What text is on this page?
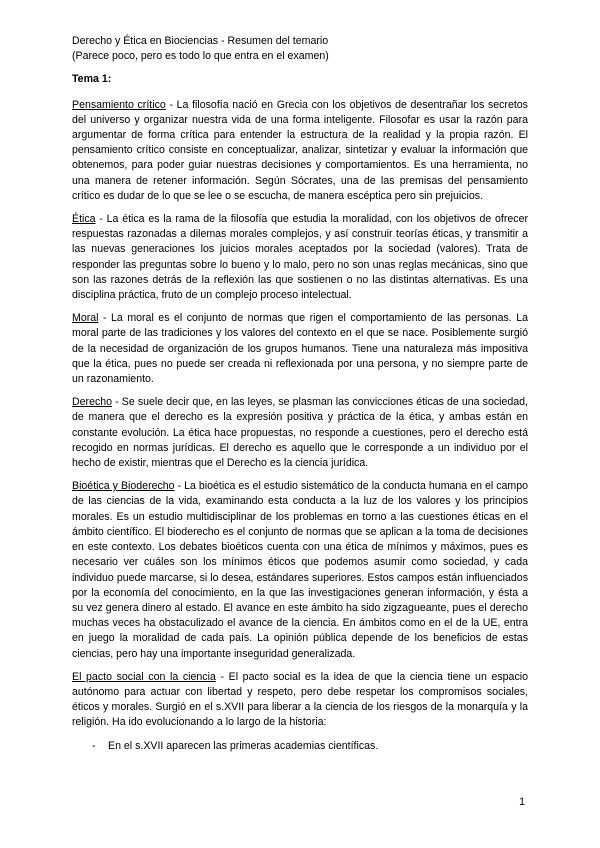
Derecho y Ética en Biociencias - Resumen del temario
(Parece poco, pero es todo lo que entra en el examen)
Tema 1:

Pensamiento crítico - La filosofía nació en Grecia con los objetivos de desentrañar los secretos del universo y organizar nuestra vida de una forma inteligente. Filosofar es usar la razón para argumentar de forma crítica para entender la estructura de la realidad y la propia razón. El pensamiento crítico consiste en conceptualizar, analizar, sintetizar y evaluar la información que obtenemos, para poder guiar nuestras decisiones y comportamientos. Es una herramienta, no una manera de retener información. Según Sócrates, una de las premisas del pensamiento crítico es dudar de lo que se lee o se escucha, de manera escéptica pero sin prejuicios.

Ética - La ética es la rama de la filosofía que estudia la moralidad, con los objetivos de ofrecer respuestas razonadas a dilemas morales complejos, y así construir teorías éticas, y transmitir a las nuevas generaciones los juicios morales aceptados por la sociedad (valores). Trata de responder las preguntas sobre lo bueno y lo malo, pero no son unas reglas mecánicas, sino que son las razones detrás de la reflexión las que sostienen o no las distintas alternativas. Es una disciplina práctica, fruto de un complejo proceso intelectual.

Moral - La moral es el conjunto de normas que rigen el comportamiento de las personas. La moral parte de las tradiciones y los valores del contexto en el que se nace. Posiblemente surgió de la necesidad de organización de los grupos humanos. Tiene una naturaleza más impositiva que la ética, pues no puede ser creada ni reflexionada por una persona, y no siempre parte de un razonamiento.

Derecho - Se suele decir que, en las leyes, se plasman las convicciones éticas de una sociedad, de manera que el derecho es la expresión positiva y práctica de la ética, y ambas están en constante evolución. La ética hace propuestas, no responde a cuestiones, pero el derecho está recogido en normas jurídicas. El derecho es aquello que le corresponde a un individuo por el hecho de existir, mientras que el Derecho es la ciencia jurídica.

Bioética y Bioderecho - La bioética es el estudio sistemático de la conducta humana en el campo de las ciencias de la vida, examinando esta conducta a la luz de los valores y los principios morales. Es un estudio multidisciplinar de los problemas en torno a las cuestiones éticas en el ámbito científico. El bioderecho es el conjunto de normas que se aplican a la toma de decisiones en este contexto. Los debates bioéticos cuenta con una ética de mínimos y máximos, pues es necesario ver cuáles son los mínimos éticos que podemos asumir como sociedad, y cada individuo puede marcarse, si lo desea, estándares superiores. Estos campos están influenciados por la economía del conocimiento, en la que las investigaciones generan información, y ésta a su vez genera dinero al estado. El avance en este ámbito ha sido zigzagueante, pues el derecho muchas veces ha obstaculizado el avance de la ciencia. En ámbitos como en el de la UE, entra en juego la moralidad de cada país. La opinión pública depende de los beneficios de estas ciencias, pero hay una importante inseguridad generalizada.

El pacto social con la ciencia - El pacto social es la idea de que la ciencia tiene un espacio autónomo para actuar con libertad y respeto, pero debe respetar los compromisos sociales, éticos y morales. Surgió en el s.XVII para liberar a la ciencia de los riesgos de la monarquía y la religión. Ha ido evolucionando a lo largo de la historia:

- En el s.XVII aparecen las primeras academias científicas.
1
